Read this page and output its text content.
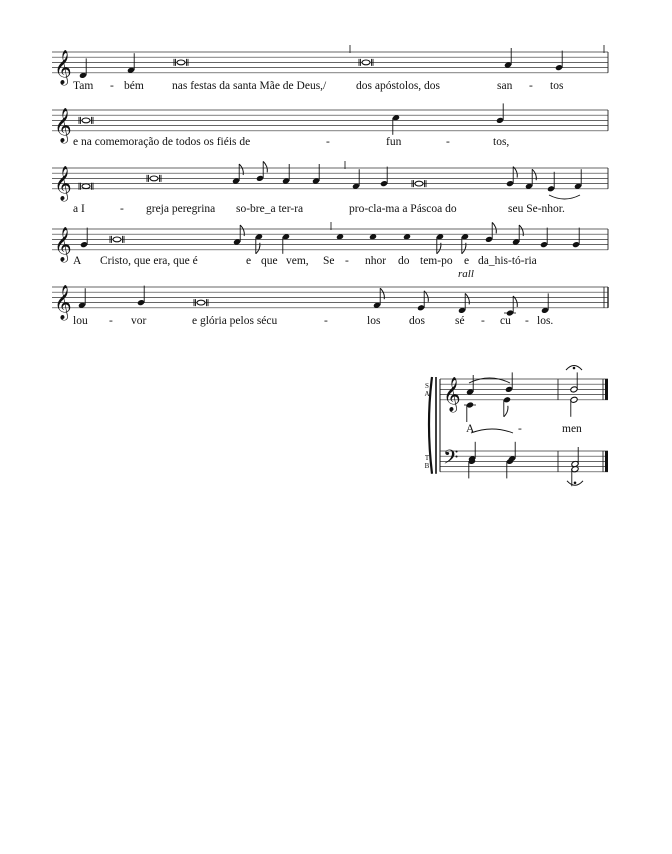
𝄞
𝄞
𝄞
𝄞
𝄞
𝄞
𝄢
Tam - bém nas festas da santa Mãe de Deus,/	dos apóstolos, dos	san - tos
e na comemoração de todos os fiéis de	-	fun	-	tos,
a I	- greja peregrina so-bre_a ter-ra	pro-cla-ma a Páscoa do	seu Se-nhor.
A Cristo, que era, que é	e que vem, Se - nhor do tem-po e da_his-tó-ria
rall
lou - vor	e glória pelos sécu	-	los dos	sé - cu - los.
S
A
T
B
A	-	men
